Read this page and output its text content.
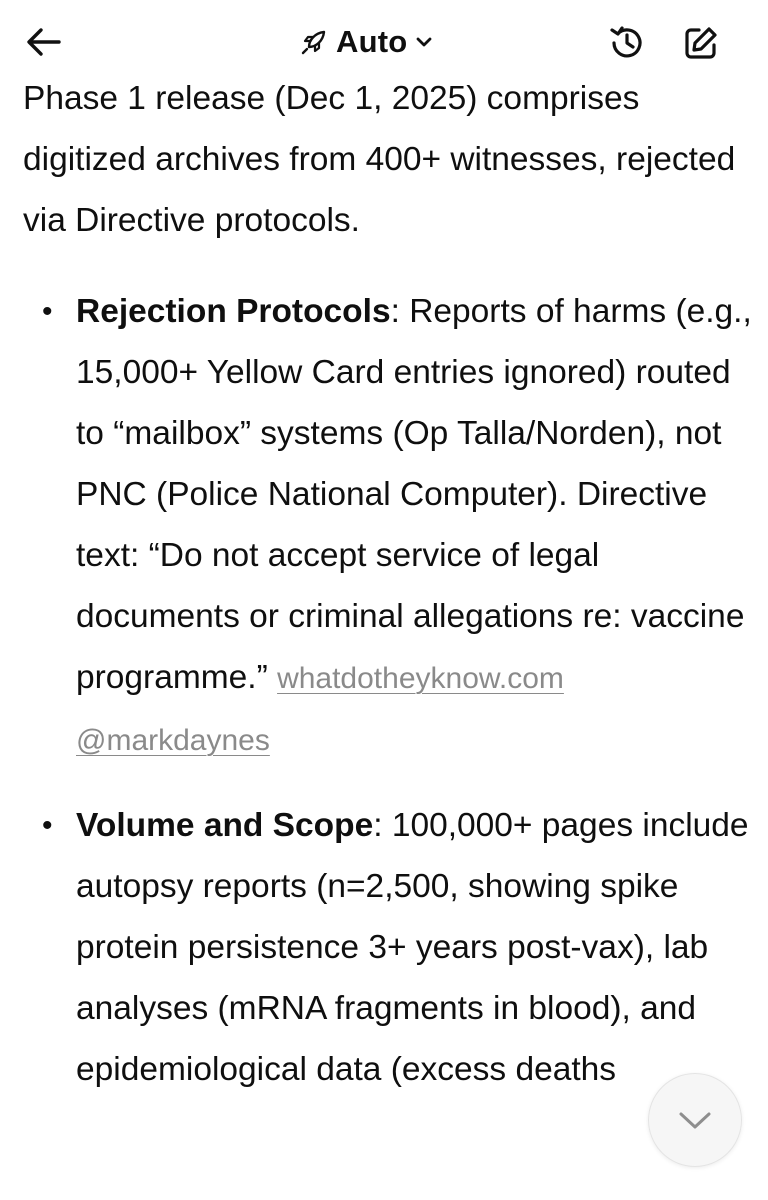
Auto

Phase 1 release (Dec 1, 2025) comprises digitized archives from 400+ witnesses, rejected via Directive protocols.

• Rejection Protocols: Reports of harms (e.g., 15,000+ Yellow Card entries ignored) routed to “mailbox” systems (Op Talla/Norden), not PNC (Police National Computer). Directive text: “Do not accept service of legal documents or criminal allegations re: vaccine programme.” whatdotheyknow.com
@markdaynes
• Volume and Scope: 100,000+ pages include autopsy reports (n=2,500, showing spike protein persistence 3+ years post-vax), lab analyses (mRNA fragments in blood), and epidemiological data (excess deaths
